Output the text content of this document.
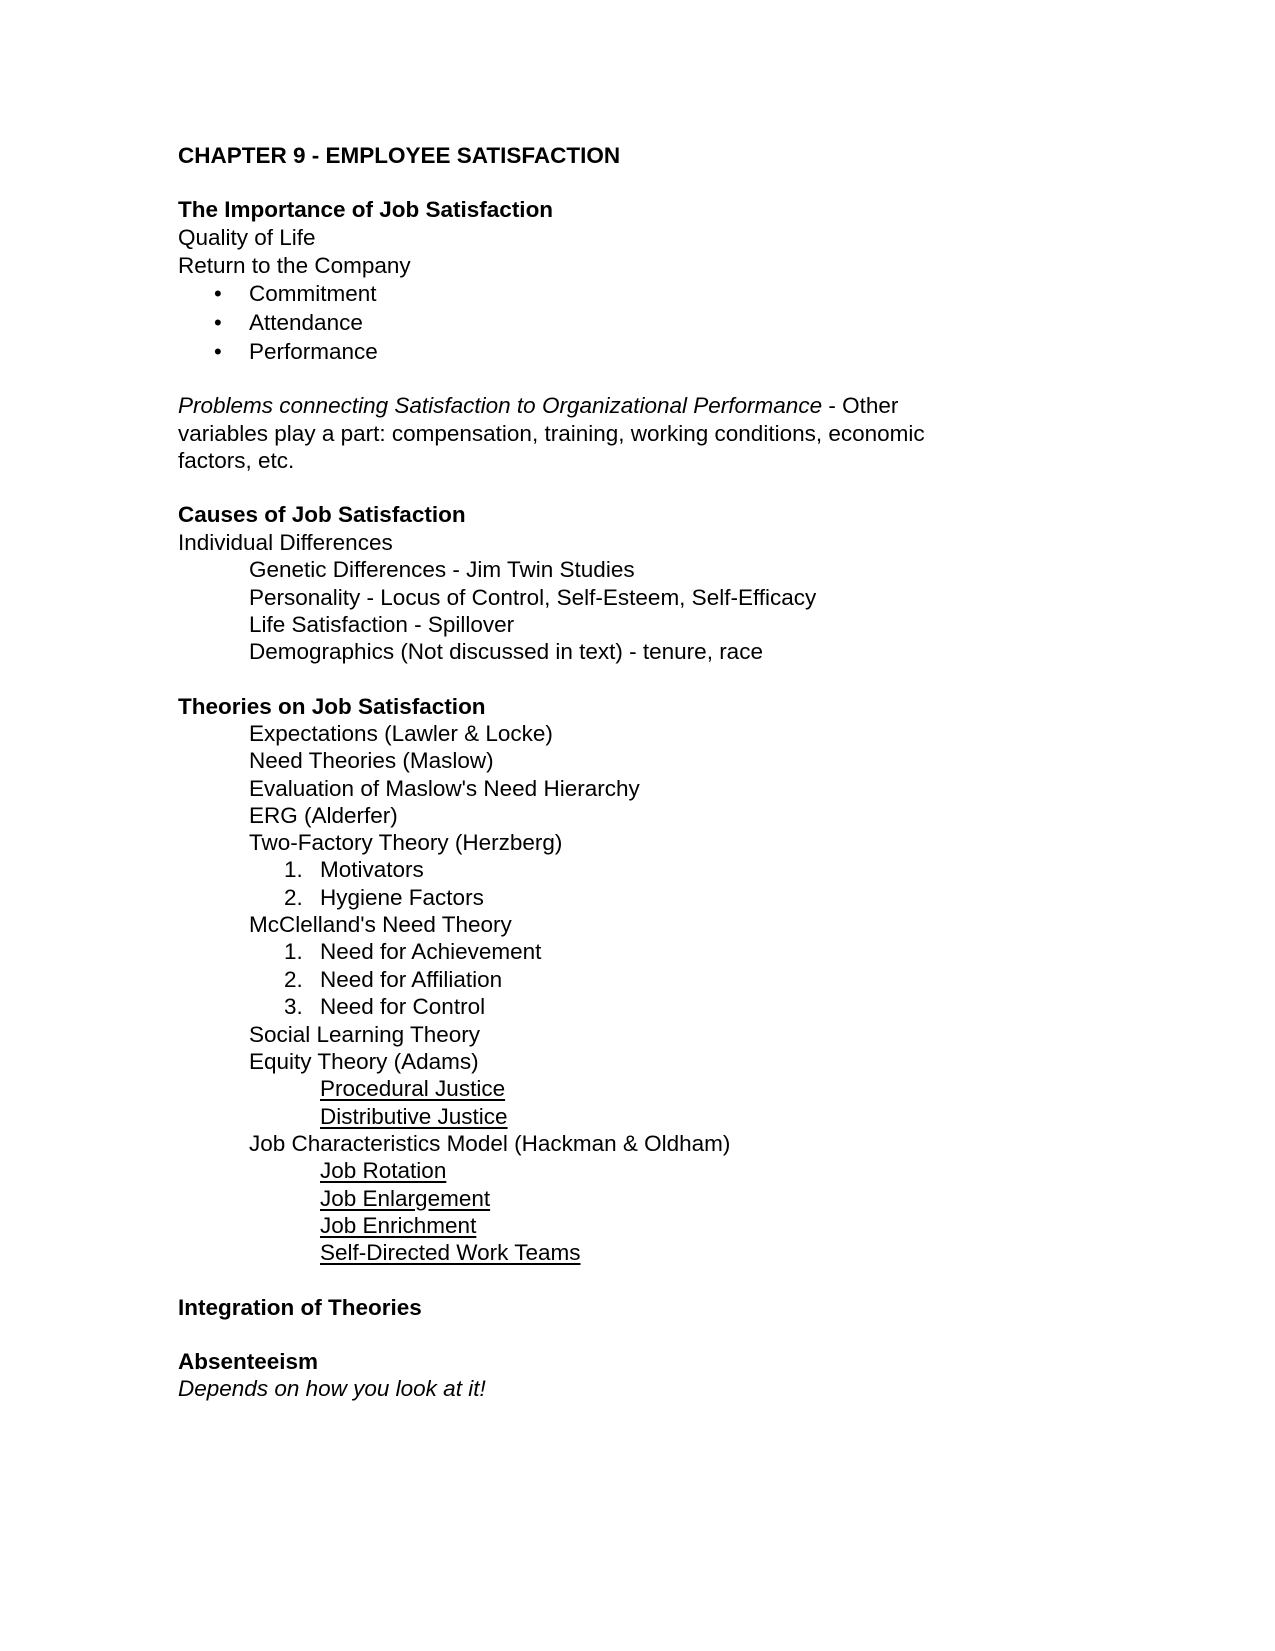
CHAPTER 9 - EMPLOYEE SATISFACTION

The Importance of Job Satisfaction

Quality of Life

Return to the Company

• Commitment

• Attendance

• Performance

Problems connecting Satisfaction to Organizational Performance - Other

variables play a part: compensation, training, working conditions, economic

factors, etc.

Causes of Job Satisfaction

Individual Differences

Genetic Differences - Jim Twin Studies

Personality - Locus of Control, Self-Esteem, Self-Efficacy

Life Satisfaction - Spillover

Demographics (Not discussed in text) - tenure, race

Theories on Job Satisfaction

Expectations (Lawler & Locke)

Need Theories (Maslow)

Evaluation of Maslow's Need Hierarchy

ERG (Alderfer)

Two-Factory Theory (Herzberg)

1. Motivators

2. Hygiene Factors

McClelland's Need Theory

1. Need for Achievement

2. Need for Affiliation

3. Need for Control

Social Learning Theory

Equity Theory (Adams)

Procedural Justice

Distributive Justice

Job Characteristics Model (Hackman & Oldham)

Job Rotation

Job Enlargement

Job Enrichment

Self-Directed Work Teams

Integration of Theories

Absenteeism

Depends on how you look at it!
